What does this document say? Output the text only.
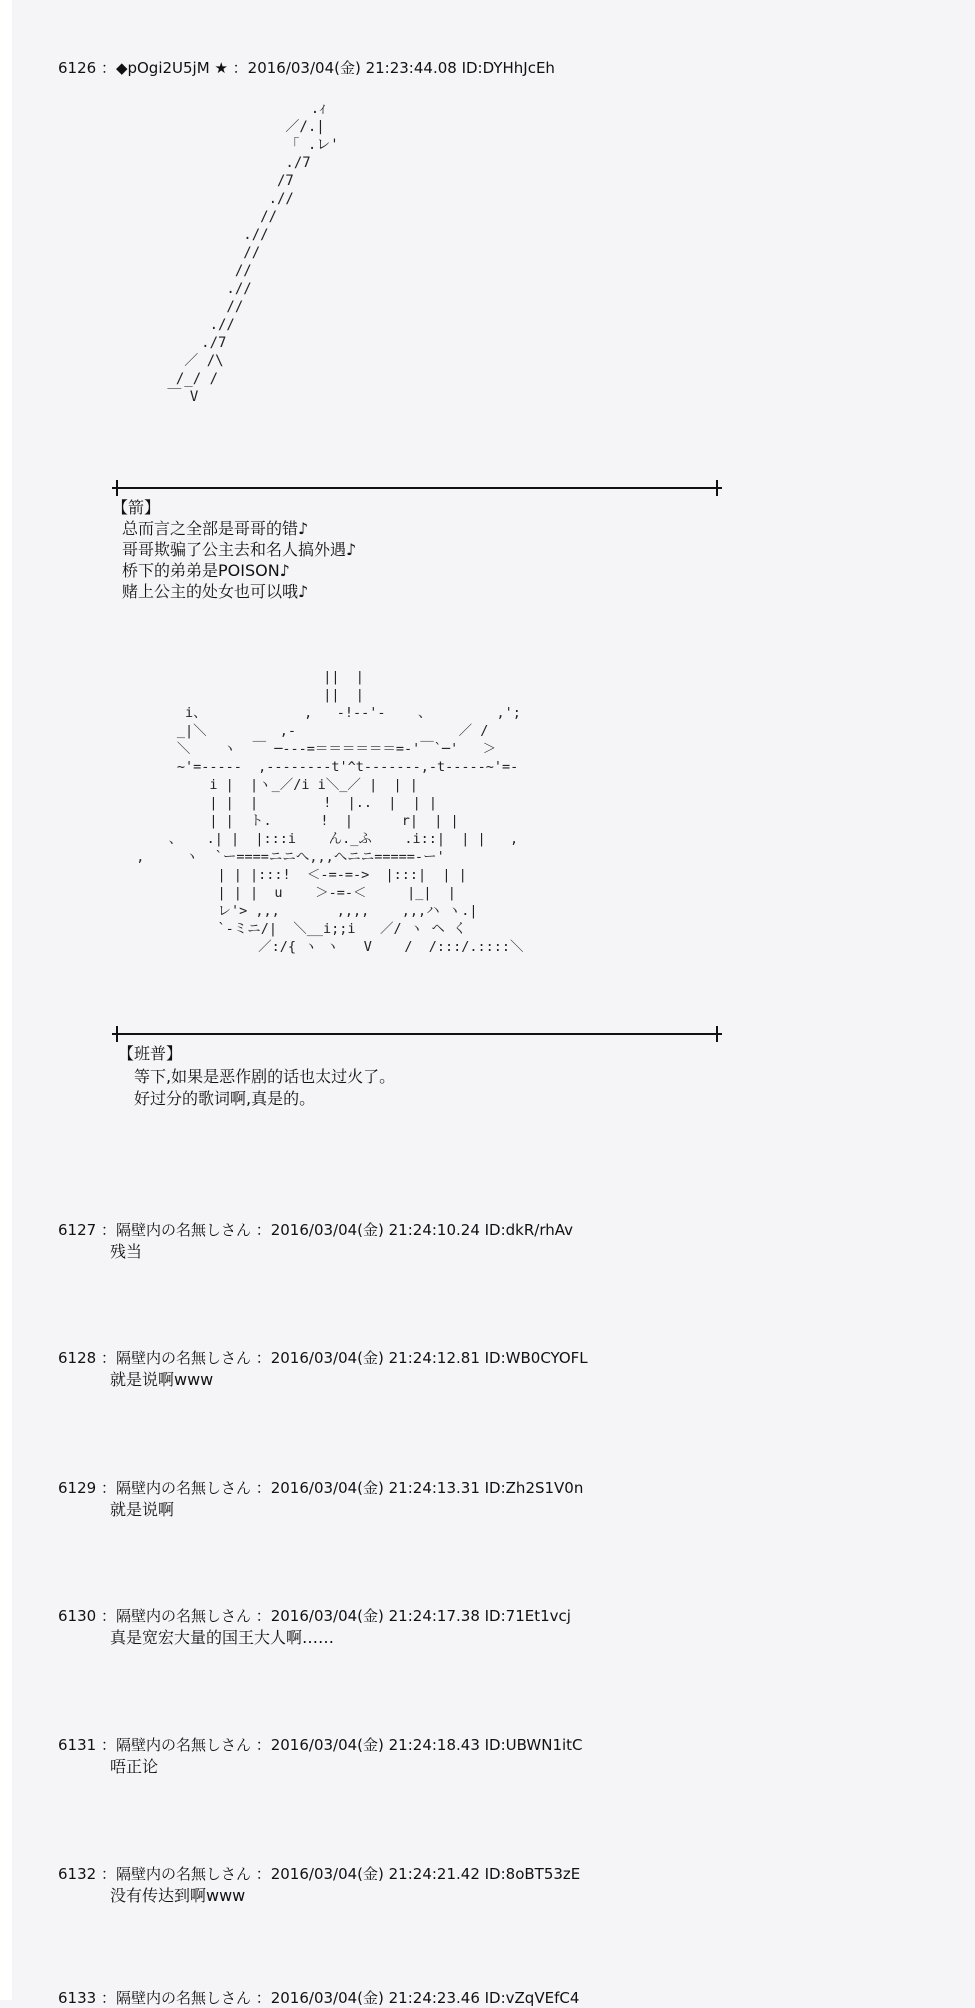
6126 ：◆pOgi2U5jM ★ ：2016/03/04(金) 21:23:44.08 ID:DYHhJcEh
.ｨ
／/.|
「 .レ'
./7
/7
.//
//
.//
//
//
.//
//
.//
./7
／ /\
/_/ /
￣ V
【箭】
总而言之全部是哥哥的错♪
哥哥欺骗了公主去和名人搞外遇♪
桥下的弟弟是POISON♪
赌上公主的处女也可以哦♪
||  |
||  |
i、            ,   -!-‐'-    、        ,';
_|＼         ,-                    ／ /
＼    ヽ  ￣ ─---=＝＝＝＝＝＝=-'￣`─'   ＞
~'=-----  ,--------t'^t-------,-t-----~'=-
i |  |ヽ_／/i i＼_／ |  | |
| |  |        !  |..  |  | |
| |  ト.      !  |      r|  | |
、   .| |  |:::i    ん._ふ    .i::|  | |   ,
,     ヽ  `ー====ニニへ,,,へニニ=====-ー'
| | |:::!  ＜-=-=->  |:::|  | |
| | |  u    ＞-=-＜     |_|  |
レ'> ,,,       ,,,,    ,,,ハ ヽ.|
`-ミニ/|  ＼__i;;i   ／/ ヽ ヘ く
／:/{ ヽ ヽ   V    /  /:::/.::::＼
【班普】
等下,如果是恶作剧的话也太过火了。
好过分的歌词啊,真是的。
6127 ：隔壁内の名無しさん ：2016/03/04(金) 21:24:10.24 ID:dkR/rhAv
残当
6128 ：隔壁内の名無しさん ：2016/03/04(金) 21:24:12.81 ID:WB0CYOFL
就是说啊www
6129 ：隔壁内の名無しさん ：2016/03/04(金) 21:24:13.31 ID:Zh2S1V0n
就是说啊
6130 ：隔壁内の名無しさん ：2016/03/04(金) 21:24:17.38 ID:71Et1vcj
真是宽宏大量的国王大人啊……
6131 ：隔壁内の名無しさん ：2016/03/04(金) 21:24:18.43 ID:UBWN1itC
唔正论
6132 ：隔壁内の名無しさん ：2016/03/04(金) 21:24:21.42 ID:8oBT53zE
没有传达到啊www
6133 ：隔壁内の名無しさん ：2016/03/04(金) 21:24:23.46 ID:vZqVEfC4
